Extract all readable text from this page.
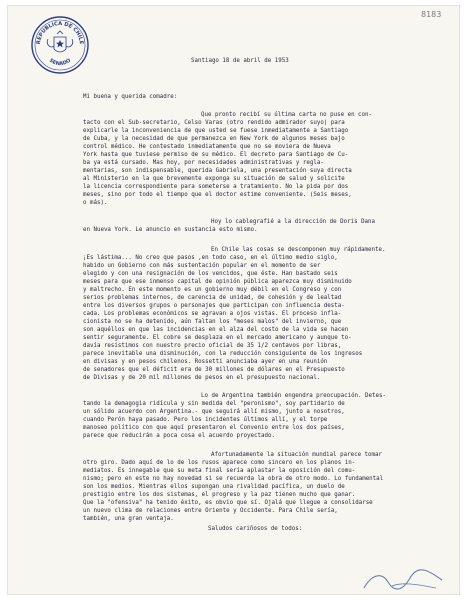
REPUBLICA DE CHILE
SENADO
8183
Santiago 18 de abril de 1953
Mi buena y querida comadre:
Que pronto recibí su última carta no puse en con-
tacto con el Sub-secretario, Celso Varas (otro rendido admirador suyo) para
explicarle la inconveniencia de que usted se fuese inmediatamente a Santiago
de Cuba, y la necesidad de que permanezca en New York de algunos meses bajo
control médico. He contestado inmediatamente que no se moviera de Nueva
York hasta que tuviese permiso de su médico. El decreto para Santiago de Cu-
ba ya está cursado. Mas hoy, por necesidades administrativas y regla-
mentarias, son indispensable, querida Gabriela, una presentación suya directa
al Ministerio en la que brevemente exponga su situación de salud y solicite
la licencia correspondiente para someterse a tratamiento. No la pida por dos
meses, sino por todo el tiempo que el doctor estime conveniente. (Seis meses,
o más).
Hoy lo cablegrafié a la dirección de Doris Dana
en Nueva York. Le anuncio en sustancia esto mismo.
En Chile las cosas se descomponen muy rápidamente.
¡Es lástima... No creo que pasos ,en todo caso, en el último medio siglo,
habido un Gobierno con más sustentación popular en el momento de ser
elegido y con una resignación de los vencidos, que éste. Han bastado seis
meses para que ese inmenso capital de opinión pública aparezca muy disminuido
y maltrecho. En este momento es un gobierno muy débil en el Congreso y con
serios problemas internos, de carencia de unidad, de cohesión y de lealtad
entre los diversos grupos o personajes que participan con influencia desta-
cada. Los problemas económicos se agravan a ojos vistas. El proceso infla-
cionista no se ha detenido, aún faltan los "meses malos" del invierno, que
son aquéllos en que las incidencias en el alza del costo de la vida se hacen
sentir seguramente. El cobre se desplaza en el mercado americano y aunque to-
davía resistimos con nuestro precio oficial de 35 1/2 centavos por libras,
parece inevitable una disminución, con la reducción consiguiente de los ingresos
en divisas y en pesos chilenos. Rossetti anunciaba ayer en una reunión
de senadores que el déficit era de 30 millones de dólares en el Presupuesto
de Divisas y de 20 mil millones de pesos en el presupuesto nacional.
Lo de Argentina también engendra preocupación. Detes-
tando la demagogia ridícula y sin medida del "peronismo", soy partidario de
un sólido acuerdo con Argentina.- que seguirá allí mismo, junto a nosotros,
cuando Perón haya pasado. Pero los incidentes últimos allí, y el torpe
manoseo político con que aquí presentaron el Convenio entre los dos países,
parece que reducirán a poca cosa el acuerdo proyectado.
Afortunadamente la situación mundial parece tomar
otro giro. Dado aquí de lo de los rusos aparece como sincero en los planos in-
mediatos. Es innegable que su meta final sería aplastar la oposición del comu-
nismo; pero en este no hay novedad si se recuerda la obra de otro modo. Lo fundamental
son los medios. Mientras ellos supongan una rivalidad pacífica, un duelo de
prestigio entre los dos sistemas, el progreso y la paz tienen mucho que ganar.
Que la "ofensiva" ha tenido éxito, es obvio que sí. Ojalá que llegue a consolidarse
un nuevo clima de relaciones entre Oriente y Occidente. Para Chile sería,
también, una gran ventaja.
Saludos cariñosos de todos:
